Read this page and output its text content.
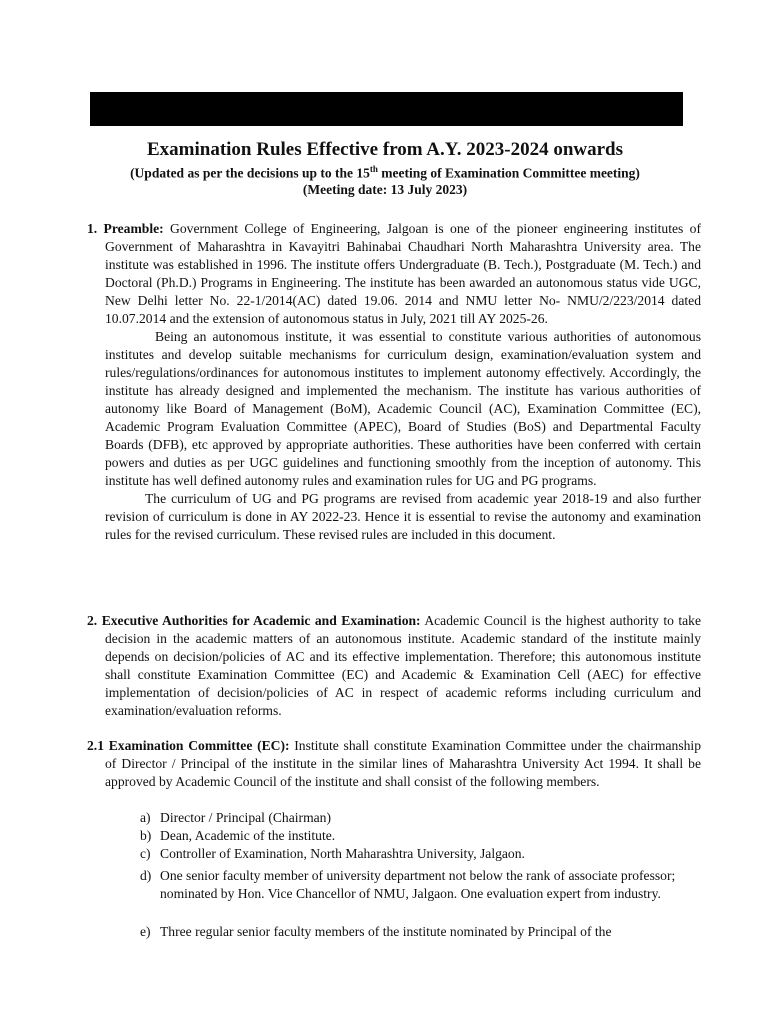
Examination Rules Effective from A.Y. 2023-2024 onwards
(Updated as per the decisions up to the 15th meeting of Examination Committee meeting)
(Meeting date: 13 July 2023)

1. Preamble: Government College of Engineering, Jalgoan is one of the pioneer engineering institutes of Government of Maharashtra in Kavayitri Bahinabai Chaudhari North Maharashtra University area. The institute was established in 1996. The institute offers Undergraduate (B. Tech.), Postgraduate (M. Tech.) and Doctoral (Ph.D.) Programs in Engineering. The institute has been awarded an autonomous status vide UGC, New Delhi letter No. 22-1/2014(AC) dated 19.06. 2014 and NMU letter No- NMU/2/223/2014 dated 10.07.2014 and the extension of autonomous status in July, 2021 till AY 2025-26.

Being an autonomous institute, it was essential to constitute various authorities of autonomous institutes and develop suitable mechanisms for curriculum design, examination/evaluation system and rules/regulations/ordinances for autonomous institutes to implement autonomy effectively. Accordingly, the institute has already designed and implemented the mechanism. The institute has various authorities of autonomy like Board of Management (BoM), Academic Council (AC), Examination Committee (EC), Academic Program Evaluation Committee (APEC), Board of Studies (BoS) and Departmental Faculty Boards (DFB), etc approved by appropriate authorities. These authorities have been conferred with certain powers and duties as per UGC guidelines and functioning smoothly from the inception of autonomy. This institute has well defined autonomy rules and examination rules for UG and PG programs.

The curriculum of UG and PG programs are revised from academic year 2018-19 and also further revision of curriculum is done in AY 2022-23. Hence it is essential to revise the autonomy and examination rules for the revised curriculum. These revised rules are included in this document.

2. Executive Authorities for Academic and Examination: Academic Council is the highest authority to take decision in the academic matters of an autonomous institute. Academic standard of the institute mainly depends on decision/policies of AC and its effective implementation. Therefore; this autonomous institute shall constitute Examination Committee (EC) and Academic & Examination Cell (AEC) for effective implementation of decision/policies of AC in respect of academic reforms including curriculum and examination/evaluation reforms.

2.1 Examination Committee (EC): Institute shall constitute Examination Committee under the chairmanship of Director / Principal of the institute in the similar lines of Maharashtra University Act 1994. It shall be approved by Academic Council of the institute and shall consist of the following members.

a) Director / Principal (Chairman)
b) Dean, Academic of the institute.
c) Controller of Examination, North Maharashtra University, Jalgaon.
d) One senior faculty member of university department not below the rank of associate professor; nominated by Hon. Vice Chancellor of NMU, Jalgaon. One evaluation expert from industry.
e) Three regular senior faculty members of the institute nominated by Principal of the
